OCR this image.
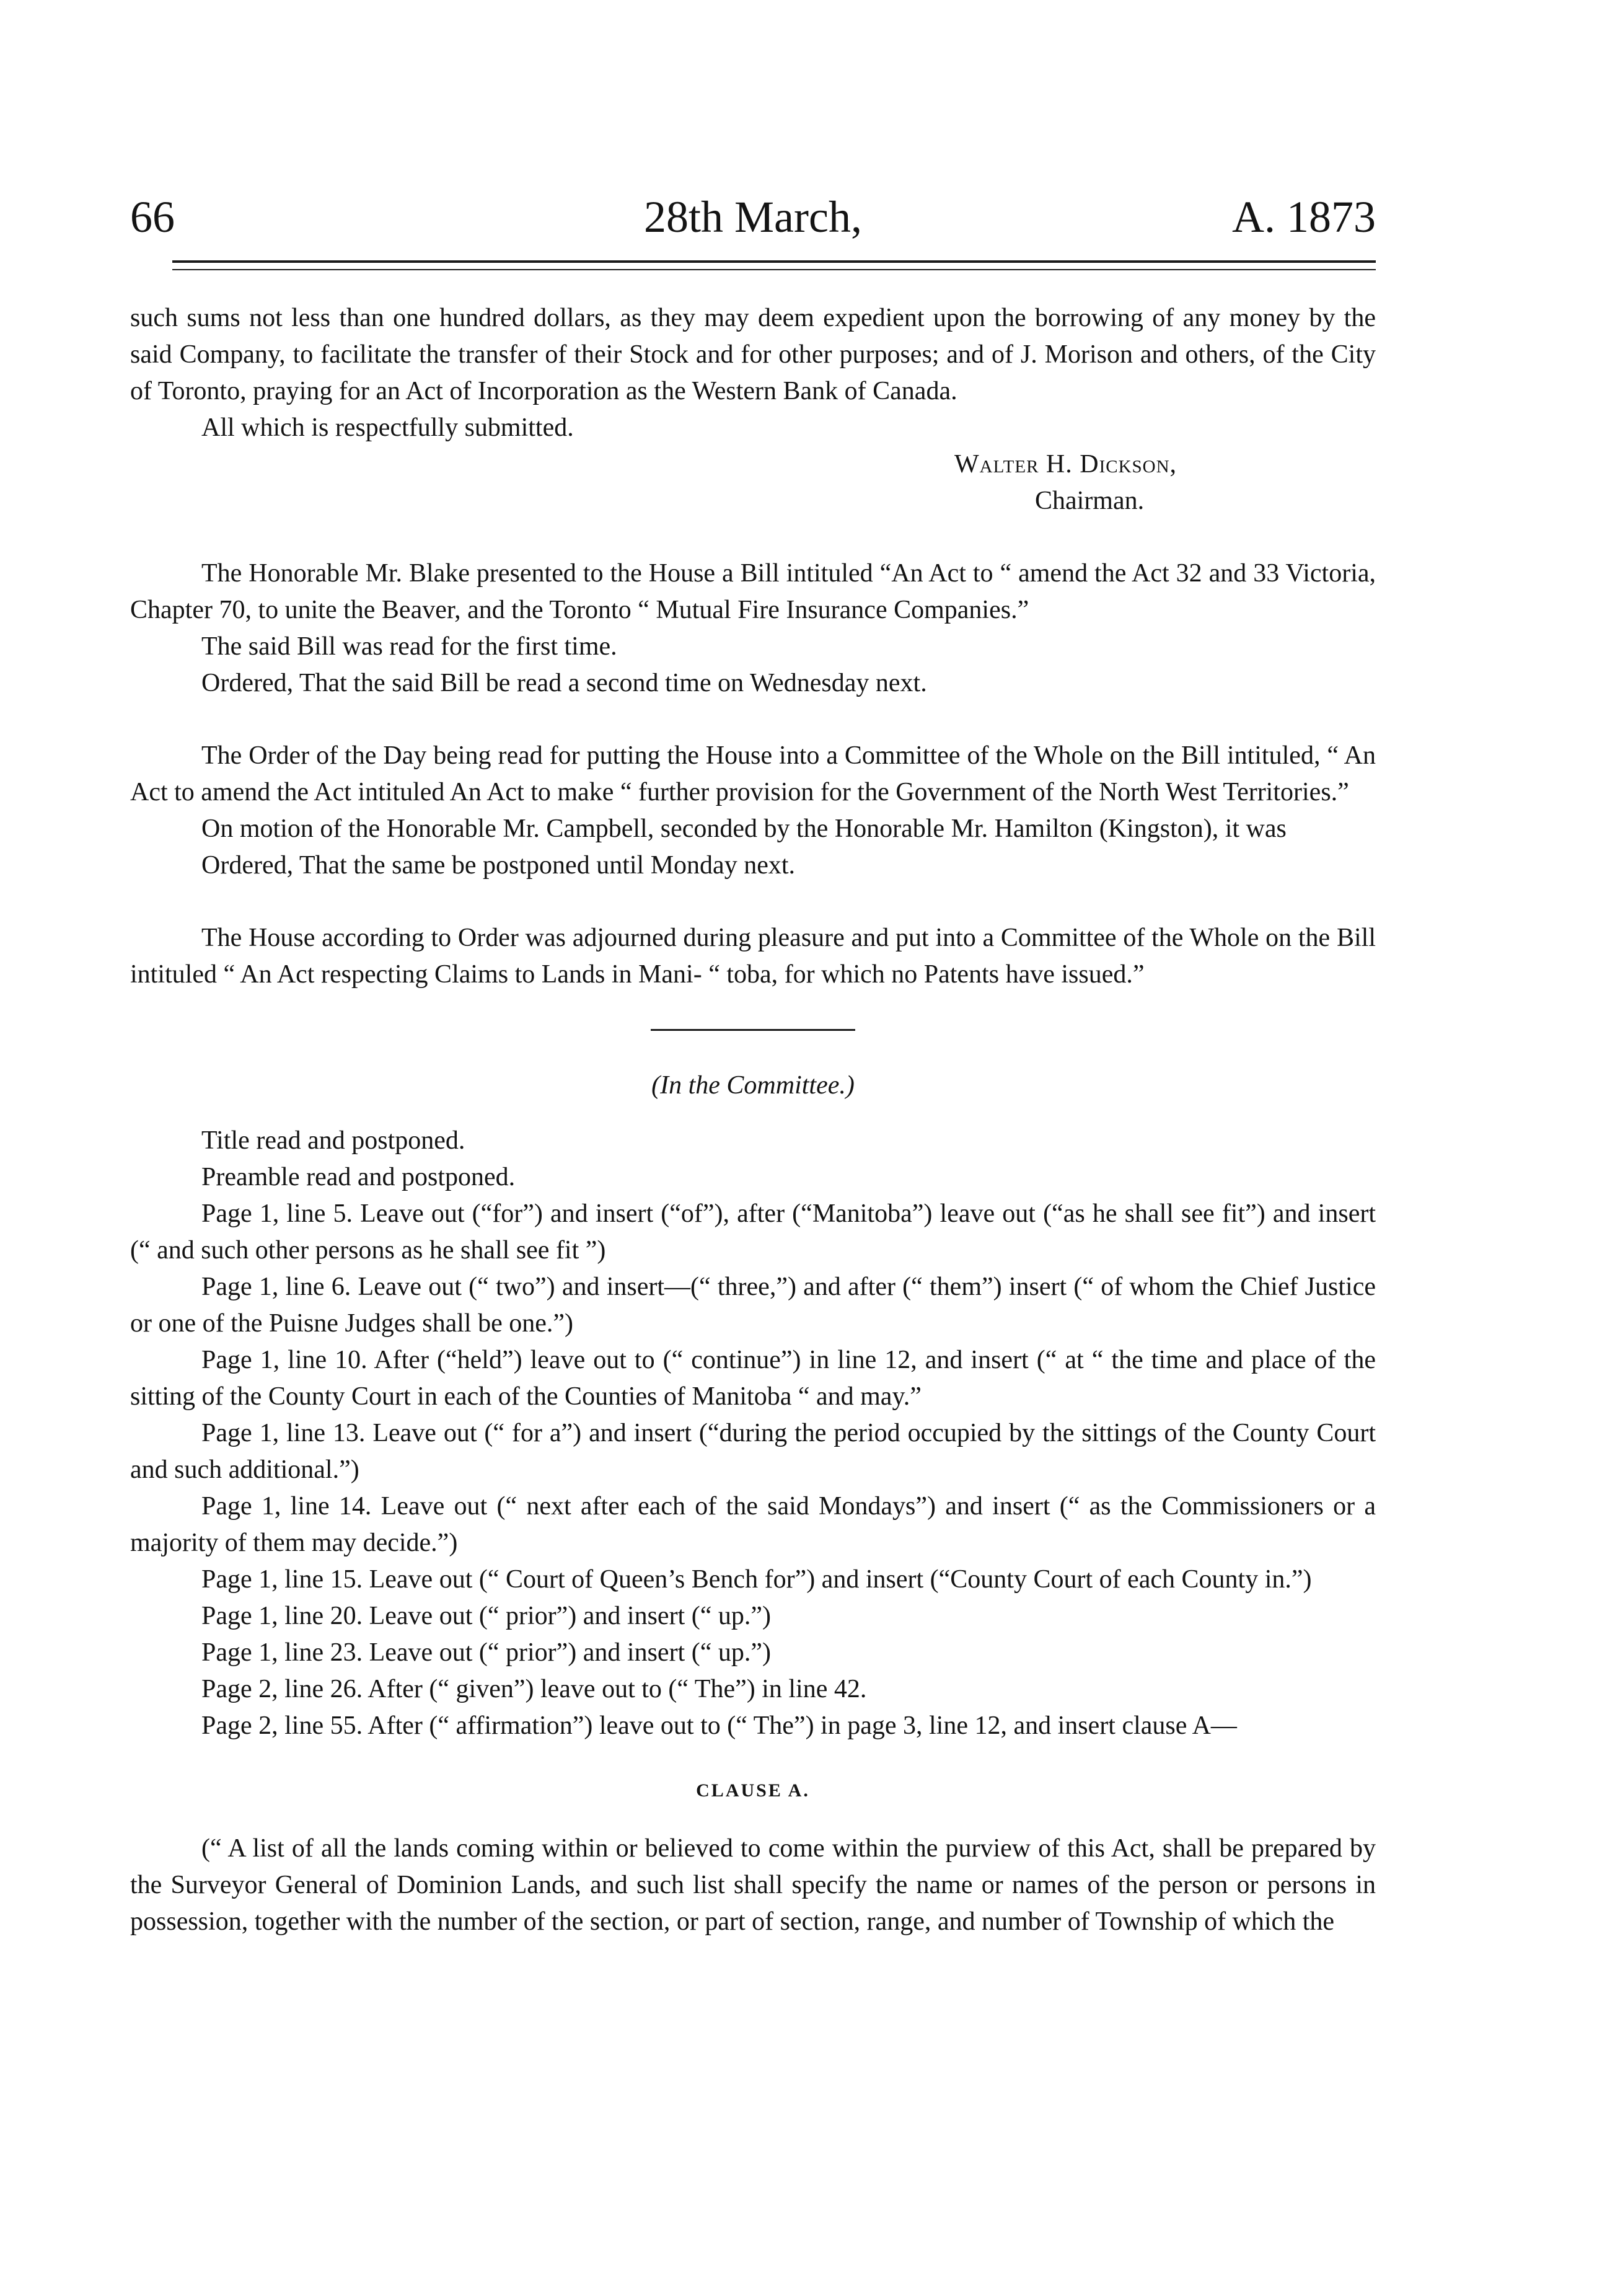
66	28th March,	A. 1873

such sums not less than one hundred dollars, as they may deem expedient upon the borrowing of any money by the said Company, to facilitate the transfer of their Stock and for other purposes; and of J. Morison and others, of the City of Toronto, praying for an Act of Incorporation as the Western Bank of Canada.

All which is respectfully submitted.

Walter H. Dickson,
Chairman.

The Honorable Mr. Blake presented to the House a Bill intituled “An Act to “ amend the Act 32 and 33 Victoria, Chapter 70, to unite the Beaver, and the Toronto “ Mutual Fire Insurance Companies.”

The said Bill was read for the first time.

Ordered, That the said Bill be read a second time on Wednesday next.

The Order of the Day being read for putting the House into a Committee of the Whole on the Bill intituled, “ An Act to amend the Act intituled An Act to make “ further provision for the Government of the North West Territories.”

On motion of the Honorable Mr. Campbell, seconded by the Honorable Mr. Hamilton (Kingston), it was

Ordered, That the same be postponed until Monday next.

The House according to Order was adjourned during pleasure and put into a Committee of the Whole on the Bill intituled “ An Act respecting Claims to Lands in Mani- “ toba, for which no Patents have issued.”

(In the Committee.)

Title read and postponed.

Preamble read and postponed.

Page 1, line 5. Leave out (“for”) and insert (“of”), after (“Manitoba”) leave out (“as he shall see fit”) and insert (“ and such other persons as he shall see fit ”)

Page 1, line 6. Leave out (“ two”) and insert—(“ three,”) and after (“ them”) insert (“ of whom the Chief Justice or one of the Puisne Judges shall be one.”)

Page 1, line 10. After (“held”) leave out to (“ continue”) in line 12, and insert (“ at “ the time and place of the sitting of the County Court in each of the Counties of Manitoba “ and may.”

Page 1, line 13. Leave out (“ for a”) and insert (“during the period occupied by the sittings of the County Court and such additional.”)

Page 1, line 14. Leave out (“ next after each of the said Mondays”) and insert (“ as the Commissioners or a majority of them may decide.”)

Page 1, line 15. Leave out (“ Court of Queen’s Bench for”) and insert (“County Court of each County in.”)

Page 1, line 20. Leave out (“ prior”) and insert (“ up.”)

Page 1, line 23. Leave out (“ prior”) and insert (“ up.”)

Page 2, line 26. After (“ given”) leave out to (“ The”) in line 42.

Page 2, line 55. After (“ affirmation”) leave out to (“ The”) in page 3, line 12, and insert clause A—

CLAUSE A.

(“ A list of all the lands coming within or believed to come within the purview of this Act, shall be prepared by the Surveyor General of Dominion Lands, and such list shall specify the name or names of the person or persons in possession, together with the number of the section, or part of section, range, and number of Township of which the
